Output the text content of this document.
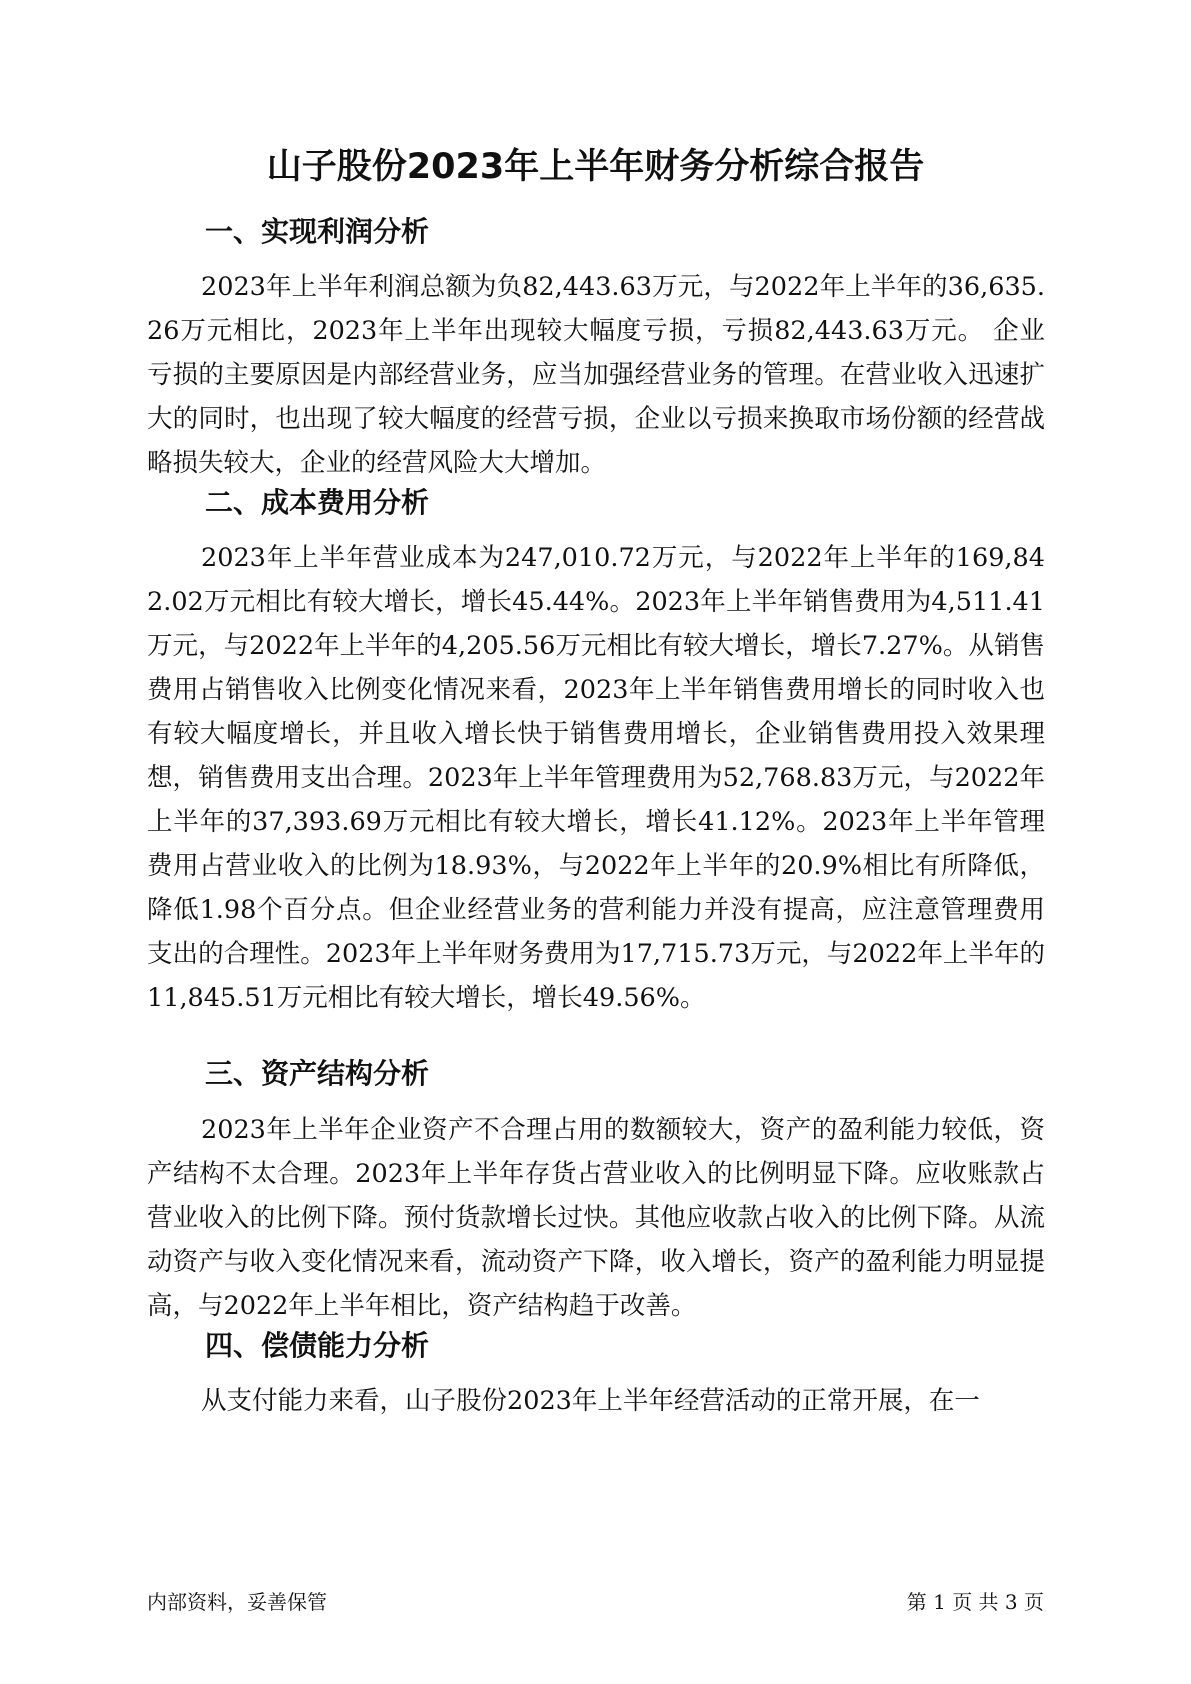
山子股份2023年上半年财务分析综合报告
一、实现利润分析

2023年上半年利润总额为负82,443.63万元，与2022年上半年的36,635.26万元相比，2023年上半年出现较大幅度亏损，亏损82,443.63万元。 企业亏损的主要原因是内部经营业务，应当加强经营业务的管理。在营业收入迅速扩大的同时，也出现了较大幅度的经营亏损，企业以亏损来换取市场份额的经营战略损失较大，企业的经营风险大大增加。

二、成本费用分析

2023年上半年营业成本为247,010.72万元，与2022年上半年的169,842.02万元相比有较大增长，增长45.44%。2023年上半年销售费用为4,511.41万元，与2022年上半年的4,205.56万元相比有较大增长，增长7.27%。从销售费用占销售收入比例变化情况来看，2023年上半年销售费用增长的同时收入也有较大幅度增长，并且收入增长快于销售费用增长，企业销售费用投入效果理想，销售费用支出合理。2023年上半年管理费用为52,768.83万元，与2022年上半年的37,393.69万元相比有较大增长，增长41.12%。2023年上半年管理费用占营业收入的比例为18.93%，与2022年上半年的20.9%相比有所降低，降低1.98个百分点。但企业经营业务的营利能力并没有提高，应注意管理费用支出的合理性。2023年上半年财务费用为17,715.73万元，与2022年上半年的11,845.51万元相比有较大增长，增长49.56%。

三、资产结构分析

2023年上半年企业资产不合理占用的数额较大，资产的盈利能力较低，资产结构不太合理。2023年上半年存货占营业收入的比例明显下降。应收账款占营业收入的比例下降。预付货款增长过快。其他应收款占收入的比例下降。从流动资产与收入变化情况来看，流动资产下降，收入增长，资产的盈利能力明显提高，与2022年上半年相比，资产结构趋于改善。

四、偿债能力分析

从支付能力来看，山子股份2023年上半年经营活动的正常开展，在一

内部资料，妥善保管	第 1 页 共 3 页
